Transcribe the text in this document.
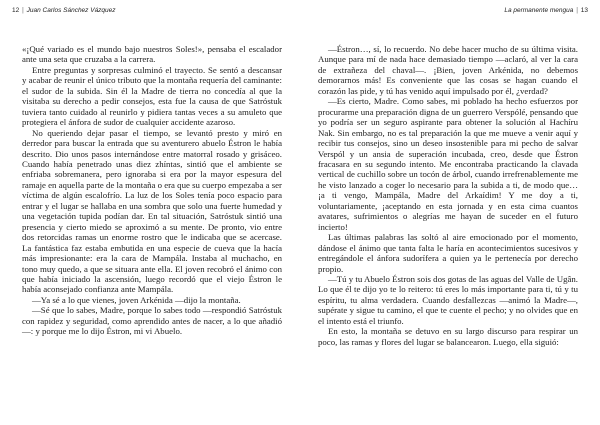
12 | Juan Carlos Sánchez Vázquez

«¡Qué variado es el mundo bajo nuestros Soles!», pensaba el escalador ante una seta que cruzaba a la carrera.

Entre preguntas y sorpresas culminó el trayecto. Se sentó a descansar y acabar de reunir el único tributo que la montaña requería del caminante: el sudor de la subida. Sin él la Madre de tierra no concedía al que la visitaba su derecho a pedir consejos, esta fue la causa de que Satróstuk tuviera tanto cuidado al reunirlo y pidiera tantas veces a su amuleto que protegiera el ánfora de sudor de cualquier accidente azaroso.

No queriendo dejar pasar el tiempo, se levantó presto y miró en derredor para buscar la entrada que su aventurero abuelo Éstron le había descrito. Dio unos pasos internándose entre matorral rosado y grisáceo. Cuando había penetrado unas diez zhíntas, sintió que el ambiente se enfriaba sobremanera, pero ignoraba si era por la mayor espesura del ramaje en aquella parte de la montaña o era que su cuerpo empezaba a ser víctima de algún escalofrío. La luz de los Soles tenía poco espacio para entrar y el lugar se hallaba en una sombra que solo una fuerte humedad y una vegetación tupida podían dar. En tal situación, Satróstuk sintió una presencia y cierto miedo se aproximó a su mente. De pronto, vio entre dos retorcidas ramas un enorme rostro que le indicaba que se acercase. La fantástica faz estaba embutida en una especie de cueva que la hacía más impresionante: era la cara de Mampála. Instaba al muchacho, en tono muy quedo, a que se situara ante ella. El joven recobró el ánimo con que había iniciado la ascensión, luego recordó que el viejo Éstron le había aconsejado confianza ante Mampála.

—Ya sé a lo que vienes, joven Arkénida —dijo la montaña.

—Sé que lo sabes, Madre, porque lo sabes todo —respondió Satróstuk con rapidez y seguridad, como aprendido antes de nacer, a lo que añadió—: y porque me lo dijo Éstron, mi vi Abuelo.

La permanente mengua | 13

—Éstron…, sí, lo recuerdo. No debe hacer mucho de su última visita. Aunque para mí de nada hace demasiado tiempo —aclaró, al ver la cara de extrañeza del chaval—. ¡Bien, joven Arkénida, no debemos demorarnos más! Es conveniente que las cosas se hagan cuando el corazón las pide, y tú has venido aquí impulsado por él, ¿verdad?

—Es cierto, Madre. Como sabes, mi poblado ha hecho esfuerzos por procurarme una preparación digna de un guerrero Verspólé, pensando que yo podría ser un seguro aspirante para obtener la solución al Hachíru Nak. Sin embargo, no es tal preparación la que me mueve a venir aquí y recibir tus consejos, sino un deseo insostenible para mi pecho de salvar Verspól y un ansia de superación incubada, creo, desde que Éstron fracasara en su segundo intento. Me encontraba practicando la clavada vertical de cuchillo sobre un tocón de árbol, cuando irrefrenablemente me he visto lanzado a coger lo necesario para la subida a ti, de modo que… ¡a ti vengo, Mampála, Madre del Arkaídim! Y me doy a ti, voluntariamente, ¡aceptando en esta jornada y en esta cima cuantos avatares, sufrimientos o alegrías me hayan de suceder en el futuro incierto!

Las últimas palabras las soltó al aire emocionado por el momento, dándose el ánimo que tanta falta le haría en acontecimientos sucesivos y entregándole el ánfora sudorífera a quien ya le pertenecía por derecho propio.

—Tú y tu Abuelo Éstron sois dos gotas de las aguas del Valle de Ugân. Lo que él te dijo yo te lo reitero: tú eres lo más importante para ti, tú y tu espíritu, tu alma verdadera. Cuando desfallezcas —animó la Madre—, supérate y sigue tu camino, el que te cuente el pecho; y no olvides que en el intento está el triunfo.

En esto, la montaña se detuvo en su largo discurso para respirar un poco, las ramas y flores del lugar se balancearon. Luego, ella siguió:
